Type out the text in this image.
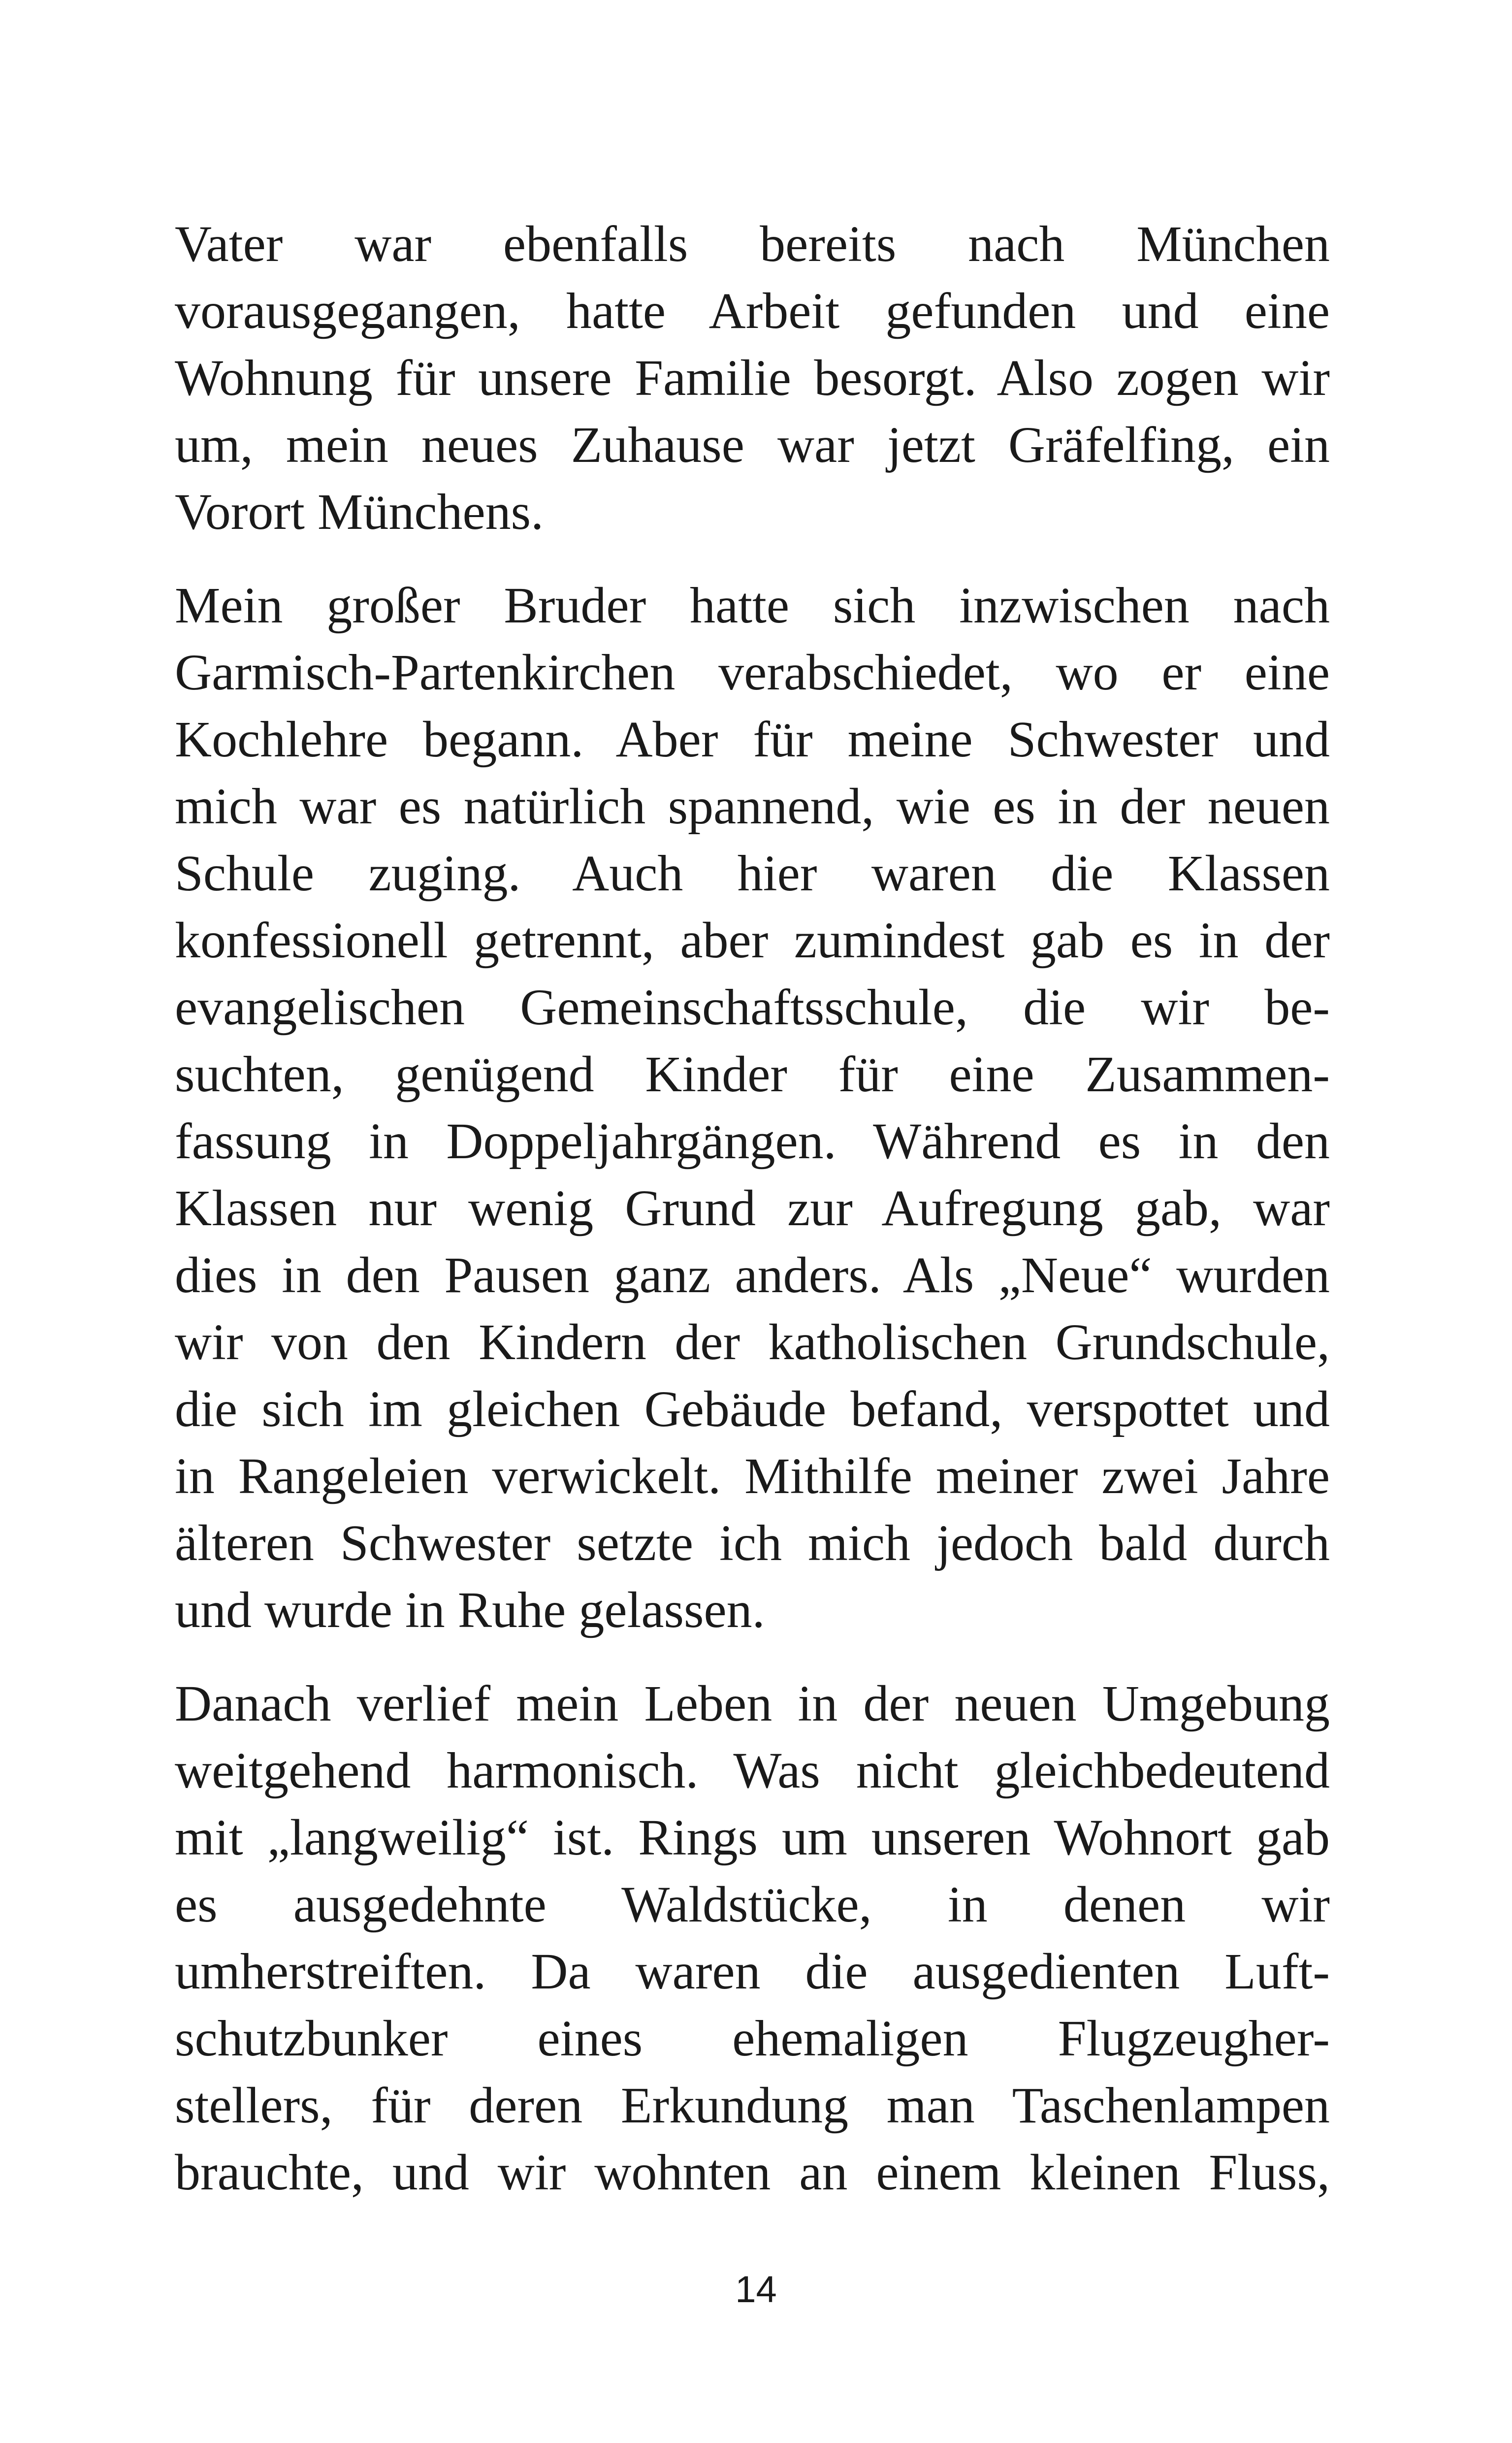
Vater war ebenfalls bereits nach München
vorausgegangen, hatte Arbeit gefunden und eine
Wohnung für unsere Familie besorgt. Also zogen wir
um, mein neues Zuhause war jetzt Gräfelfing, ein
Vorort Münchens.

Mein großer Bruder hatte sich inzwischen nach
Garmisch-Partenkirchen verabschiedet, wo er eine
Kochlehre begann. Aber für meine Schwester und
mich war es natürlich spannend, wie es in der neuen
Schule zuging. Auch hier waren die Klassen
konfessionell getrennt, aber zumindest gab es in der
evangelischen Gemeinschaftsschule, die wir be-
suchten, genügend Kinder für eine Zusammen-
fassung in Doppeljahrgängen. Während es in den
Klassen nur wenig Grund zur Aufregung gab, war
dies in den Pausen ganz anders. Als „Neue“ wurden
wir von den Kindern der katholischen Grundschule,
die sich im gleichen Gebäude befand, verspottet und
in Rangeleien verwickelt. Mithilfe meiner zwei Jahre
älteren Schwester setzte ich mich jedoch bald durch
und wurde in Ruhe gelassen.

Danach verlief mein Leben in der neuen Umgebung
weitgehend harmonisch. Was nicht gleichbedeutend
mit „langweilig“ ist. Rings um unseren Wohnort gab
es ausgedehnte Waldstücke, in denen wir
umherstreiften. Da waren die ausgedienten Luft-
schutzbunker eines ehemaligen Flugzeugher-
stellers, für deren Erkundung man Taschenlampen
brauchte, und wir wohnten an einem kleinen Fluss,

14
